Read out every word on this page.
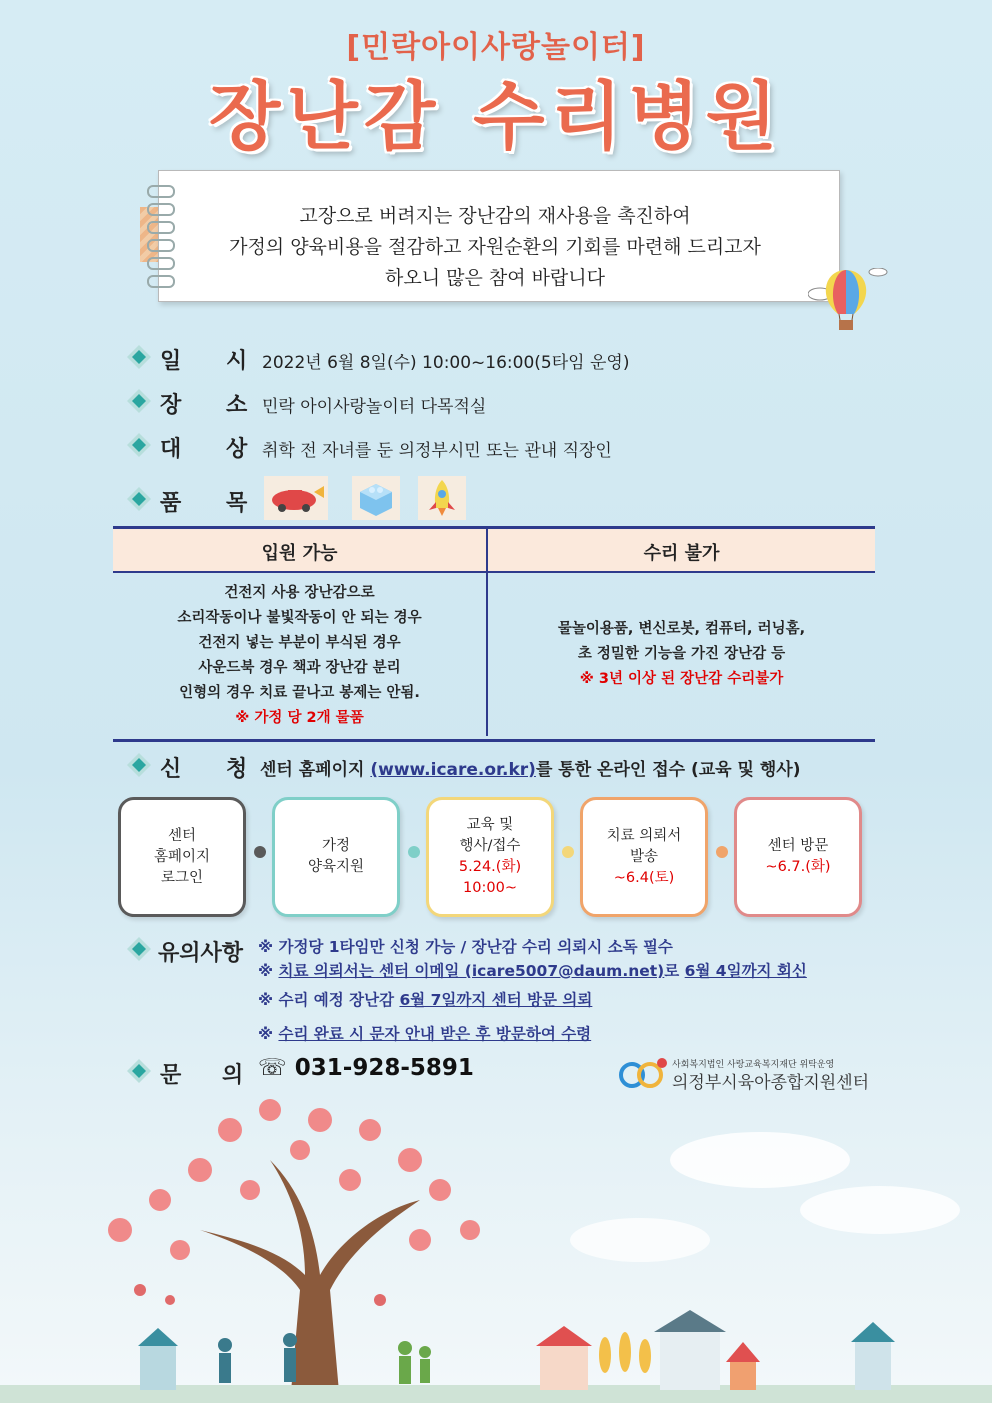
[민락아이사랑놀이터]
장난감 수리병원
고장으로 버려지는 장난감의 재사용을 촉진하여
가정의 양육비용을 절감하고 자원순환의 기회를 마련해 드리고자
하오니 많은 참여 바랍니다
일 시 2022년 6월 8일(수) 10:00~16:00(5타임 운영)
장 소 민락 아이사랑놀이터 다목적실
대 상 취학 전 자녀를 둔 의정부시민 또는 관내 직장인
품 목
입원 가능	수리 불가
건전지 사용 장난감으로
소리작동이나 불빛작동이 안 되는 경우
건전지 넣는 부분이 부식된 경우
사운드북 경우 책과 장난감 분리
인형의 경우 치료 끝나고 봉제는 안됨.
※ 가정 당 2개 물품
물놀이용품, 변신로봇, 컴퓨터, 러닝홈,
초 정밀한 기능을 가진 장난감 등
※ 3년 이상 된 장난감 수리불가
신 청 센터 홈페이지 (www.icare.or.kr)를 통한 온라인 접수 (교육 및 행사)
센터
홈페이지
로그인
가정
양육지원
교육 및
행사/접수
5.24.(화)
10:00~
치료 의뢰서
발송
~6.4(토)
센터 방문
~6.7.(화)
유의사항 ※ 가정당 1타임만 신청 가능 / 장난감 수리 의뢰시 소독 필수
※ 치료 의뢰서는 센터 이메일 (icare5007@daum.net)로 6월 4일까지 회신
※ 수리 예정 장난감 6월 7일까지 센터 방문 의뢰
※ 수리 완료 시 문자 안내 받은 후 방문하여 수령
문 의 ☏ 031-928-5891	사회복지법인 사랑교육복지재단 위탁운영
의정부시육아종합지원센터
